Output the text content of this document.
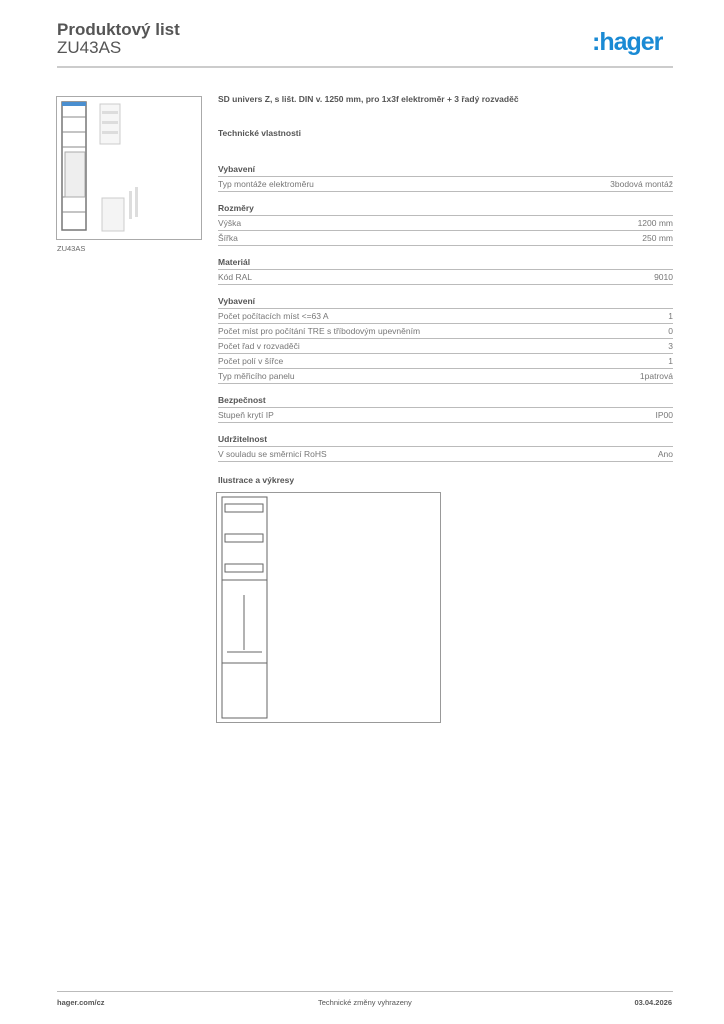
Produktový list
ZU43AS	:hager
ZU43AS
SD univers Z, s lišt. DIN v. 1250 mm, pro 1x3f elektroměr + 3 řadý rozvaděč
Technické vlastnosti
Vybavení
Typ montáže elektroměru	3bodová montáž
Rozměry
Výška	1200 mm
Šířka	250 mm
Materiál
Kód RAL	9010
Vybavení
Počet počítacích míst <=63 A	1
Počet míst pro počítání TRE s tříbodovým upevněním	0
Počet řad v rozvaděči	3
Počet polí v šířce	1
Typ měřicího panelu	1patrová
Bezpečnost
Stupeň krytí IP	IP00
Udržitelnost
V souladu se směrnicí RoHS	Ano
Ilustrace a výkresy
hager.com/cz	Technické změny vyhrazeny	03.04.2026
